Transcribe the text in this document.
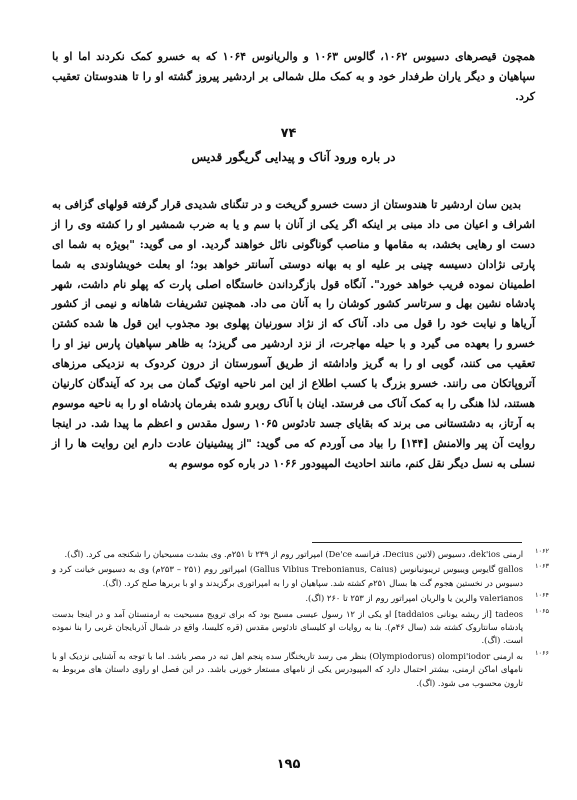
همچون قیصرهای دسیوس ۱۰۶۲، گالوس ۱۰۶۳ و والریانوس ۱۰۶۴ که به خسرو کمک نکردند اما او با سپاهیان و دیگر یاران طرفدار خود و به کمک ملل شمالی بر اردشیر پیروز گشته او را تا هندوستان تعقیب کرد.

۷۴
در باره ورود آناک و پیدایی گریگور قدیس

بدین سان اردشیر تا هندوستان از دست خسرو گریخت و در تنگنای شدیدی قرار گرفته قولهای گزافی به اشراف و اعیان می داد مبنی بر اینکه اگر یکی از آنان با سم و یا به ضرب شمشیر او را کشته وی را از دست او رهایی بخشد، به مقامها و مناصب گوناگونی نائل خواهند گردید. او می گوید: "بویژه به شما ای پارتی نژادان دسیسه چینی بر علیه او به بهانه دوستی آسانتر خواهد بود؛ او بعلت خویشاوندی به شما اطمینان نموده فریب خواهد خورد". آنگاه قول بازگرداندن خاستگاه اصلی پارت که پهلو نام داشت، شهر پادشاه نشین بهل و سرتاسر کشور کوشان را به آنان می داد. همچنین تشریفات شاهانه و نیمی از کشور آریاها و نیابت خود را قول می داد. آناک که از نژاد سورنیان پهلوی بود مجذوب این قول ها شده کشتن خسرو را بعهده می گیرد و با حیله مهاجرت، از نزد اردشیر می گریزد؛ به ظاهر سپاهیان پارس نیز او را تعقیب می کنند، گویی او را به گریز واداشته از طریق آسورستان از درون کردوک به نزدیکی مرزهای آتروپاتکان می رانند. خسرو بزرگ با کسب اطلاع از این امر ناحیه اوتیک گمان می برد که آیندگان کارنیان هستند، لذا هنگی را به کمک آناک می فرستد. اینان با آناک روبرو شده بفرمان پادشاه او را به ناحیه موسوم به آرتاز، به دشتستانی می برند که بقایای جسد تادئوس ۱۰۶۵ رسول مقدس و اعظم ما پیدا شد. در اینجا روایت آن پیر والامنش [۱۴۴] را بیاد می آوردم که می گوید: "از پیشینیان عادت دارم این روایت ها را از نسلی به نسل دیگر نقل کنم، مانند احادیث المپیودور ۱۰۶۶ در باره کوه موسوم به

۱۰۶۲
ارمنی dek'ios، دسیوس (لاتین Decius، فرانسه De'ce) امپراتور روم از ۲۴۹ تا ۲۵۱م. وی بشدت مسیحیان را شکنجه می کرد. (اگ).
۱۰۶۳
gallos گایوس ویبیوس تریبونیانوس (Gallus Vibius Trebonianus, Caius) امپراتور روم (۲۵۱ – ۲۵۳م) وی به دسیوس خیانت کرد و دسیوس در نخستین هجوم گت ها بسال ۲۵۱م کشته شد. سپاهیان او را به امپراتوری برگزیدند و او با بربرها صلح کرد. (اگ).
۱۰۶۴
valerianos والرین یا والریان امپراتور روم از ۲۵۳ تا ۲۶۰ (اگ).
۱۰۶۵
tadeos [از ریشه یونانی taddaios] او یکی از ۱۲ رسول عیسی مسیح بود که برای ترویج مسیحیت به ارمنستان آمد و در اینجا بدست پادشاه سانتاروک کشته شد (سال ۴۶م). بنا به روایات او کلیسای تادئوس مقدس (قره کلیسا، واقع در شمال آذربایجان غربی را بنا نموده است. (اگ).
۱۰۶۶
به ارمنی Olympiodorus) olompi'iodor) بنظر می رسد تاریخنگار سده پنجم اهل تبه در مصر باشد. اما با توجه به آشنایی نزدیک او با نامهای اماکن ارمنی، بیشتر احتمال دارد که المپیودرس یکی از نامهای مستعار خورنی باشد. در این فصل او راوی داستان های مربوط به تارون محسوب می شود. (اگ).
۱۹۵
